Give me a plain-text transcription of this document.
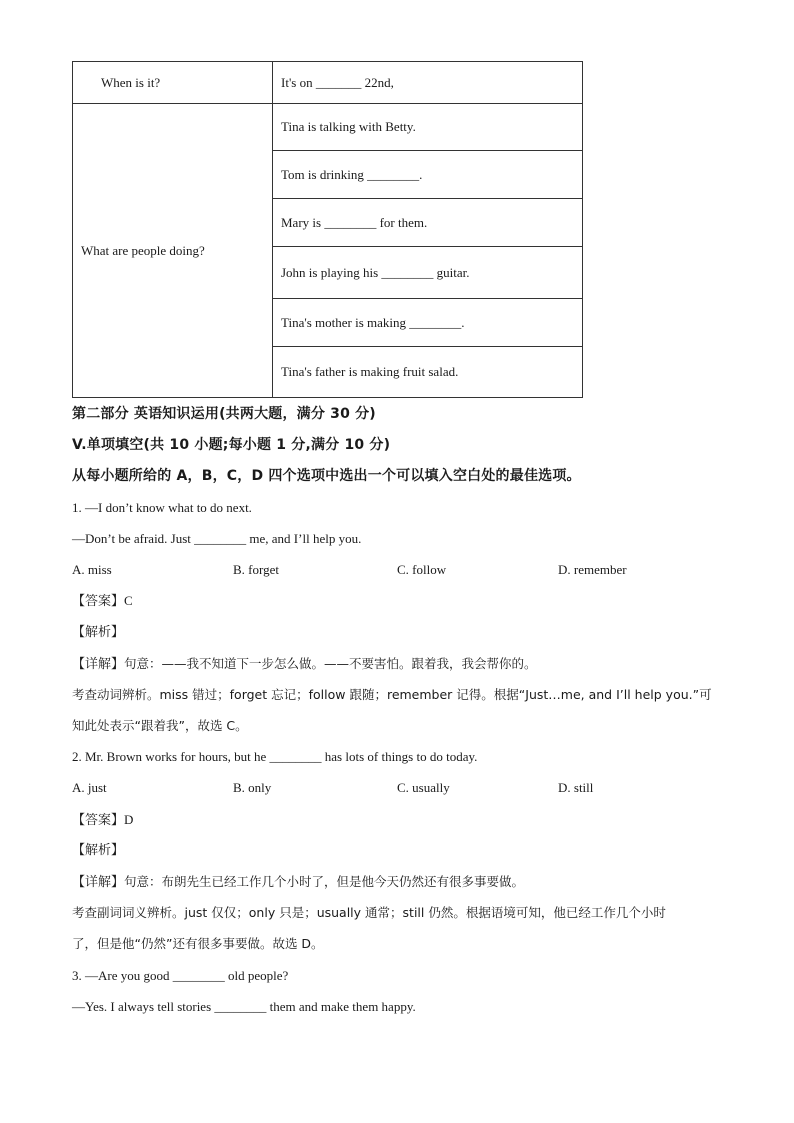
When is it?	It's on _______ 22nd,
What are people doing?	Tina is talking with Betty.
	Tom is drinking ________.
	Mary is ________ for them.
	John is playing his ________ guitar.
	Tina's mother is making ________.
	Tina's father is making fruit salad.
第二部分 英语知识运用(共两大题，满分 30 分)
V.单项填空(共 10 小题;每小题 1 分,满分 10 分)
从每小题所给的 A，B，C，D 四个选项中选出一个可以填入空白处的最佳选项。
1. —I don’t know what to do next.
—Don’t be afraid. Just ________ me, and I’ll help you.
A. miss	B. forget	C. follow	D. remember
【答案】C
【解析】
【详解】句意：——我不知道下一步怎么做。——不要害怕。跟着我，我会帮你的。
考查动词辨析。miss 错过；forget 忘记；follow 跟随；remember 记得。根据“Just…me, and I’ll help you.”可
知此处表示“跟着我”，故选 C。
2. Mr. Brown works for hours, but he ________ has lots of things to do today.
A. just	B. only	C. usually	D. still
【答案】D
【解析】
【详解】句意：布朗先生已经工作几个小时了，但是他今天仍然还有很多事要做。
考查副词词义辨析。just 仅仅；only 只是；usually 通常；still 仍然。根据语境可知，他已经工作几个小时
了，但是他“仍然”还有很多事要做。故选 D。
3. —Are you good ________ old people?
—Yes. I always tell stories ________ them and make them happy.
